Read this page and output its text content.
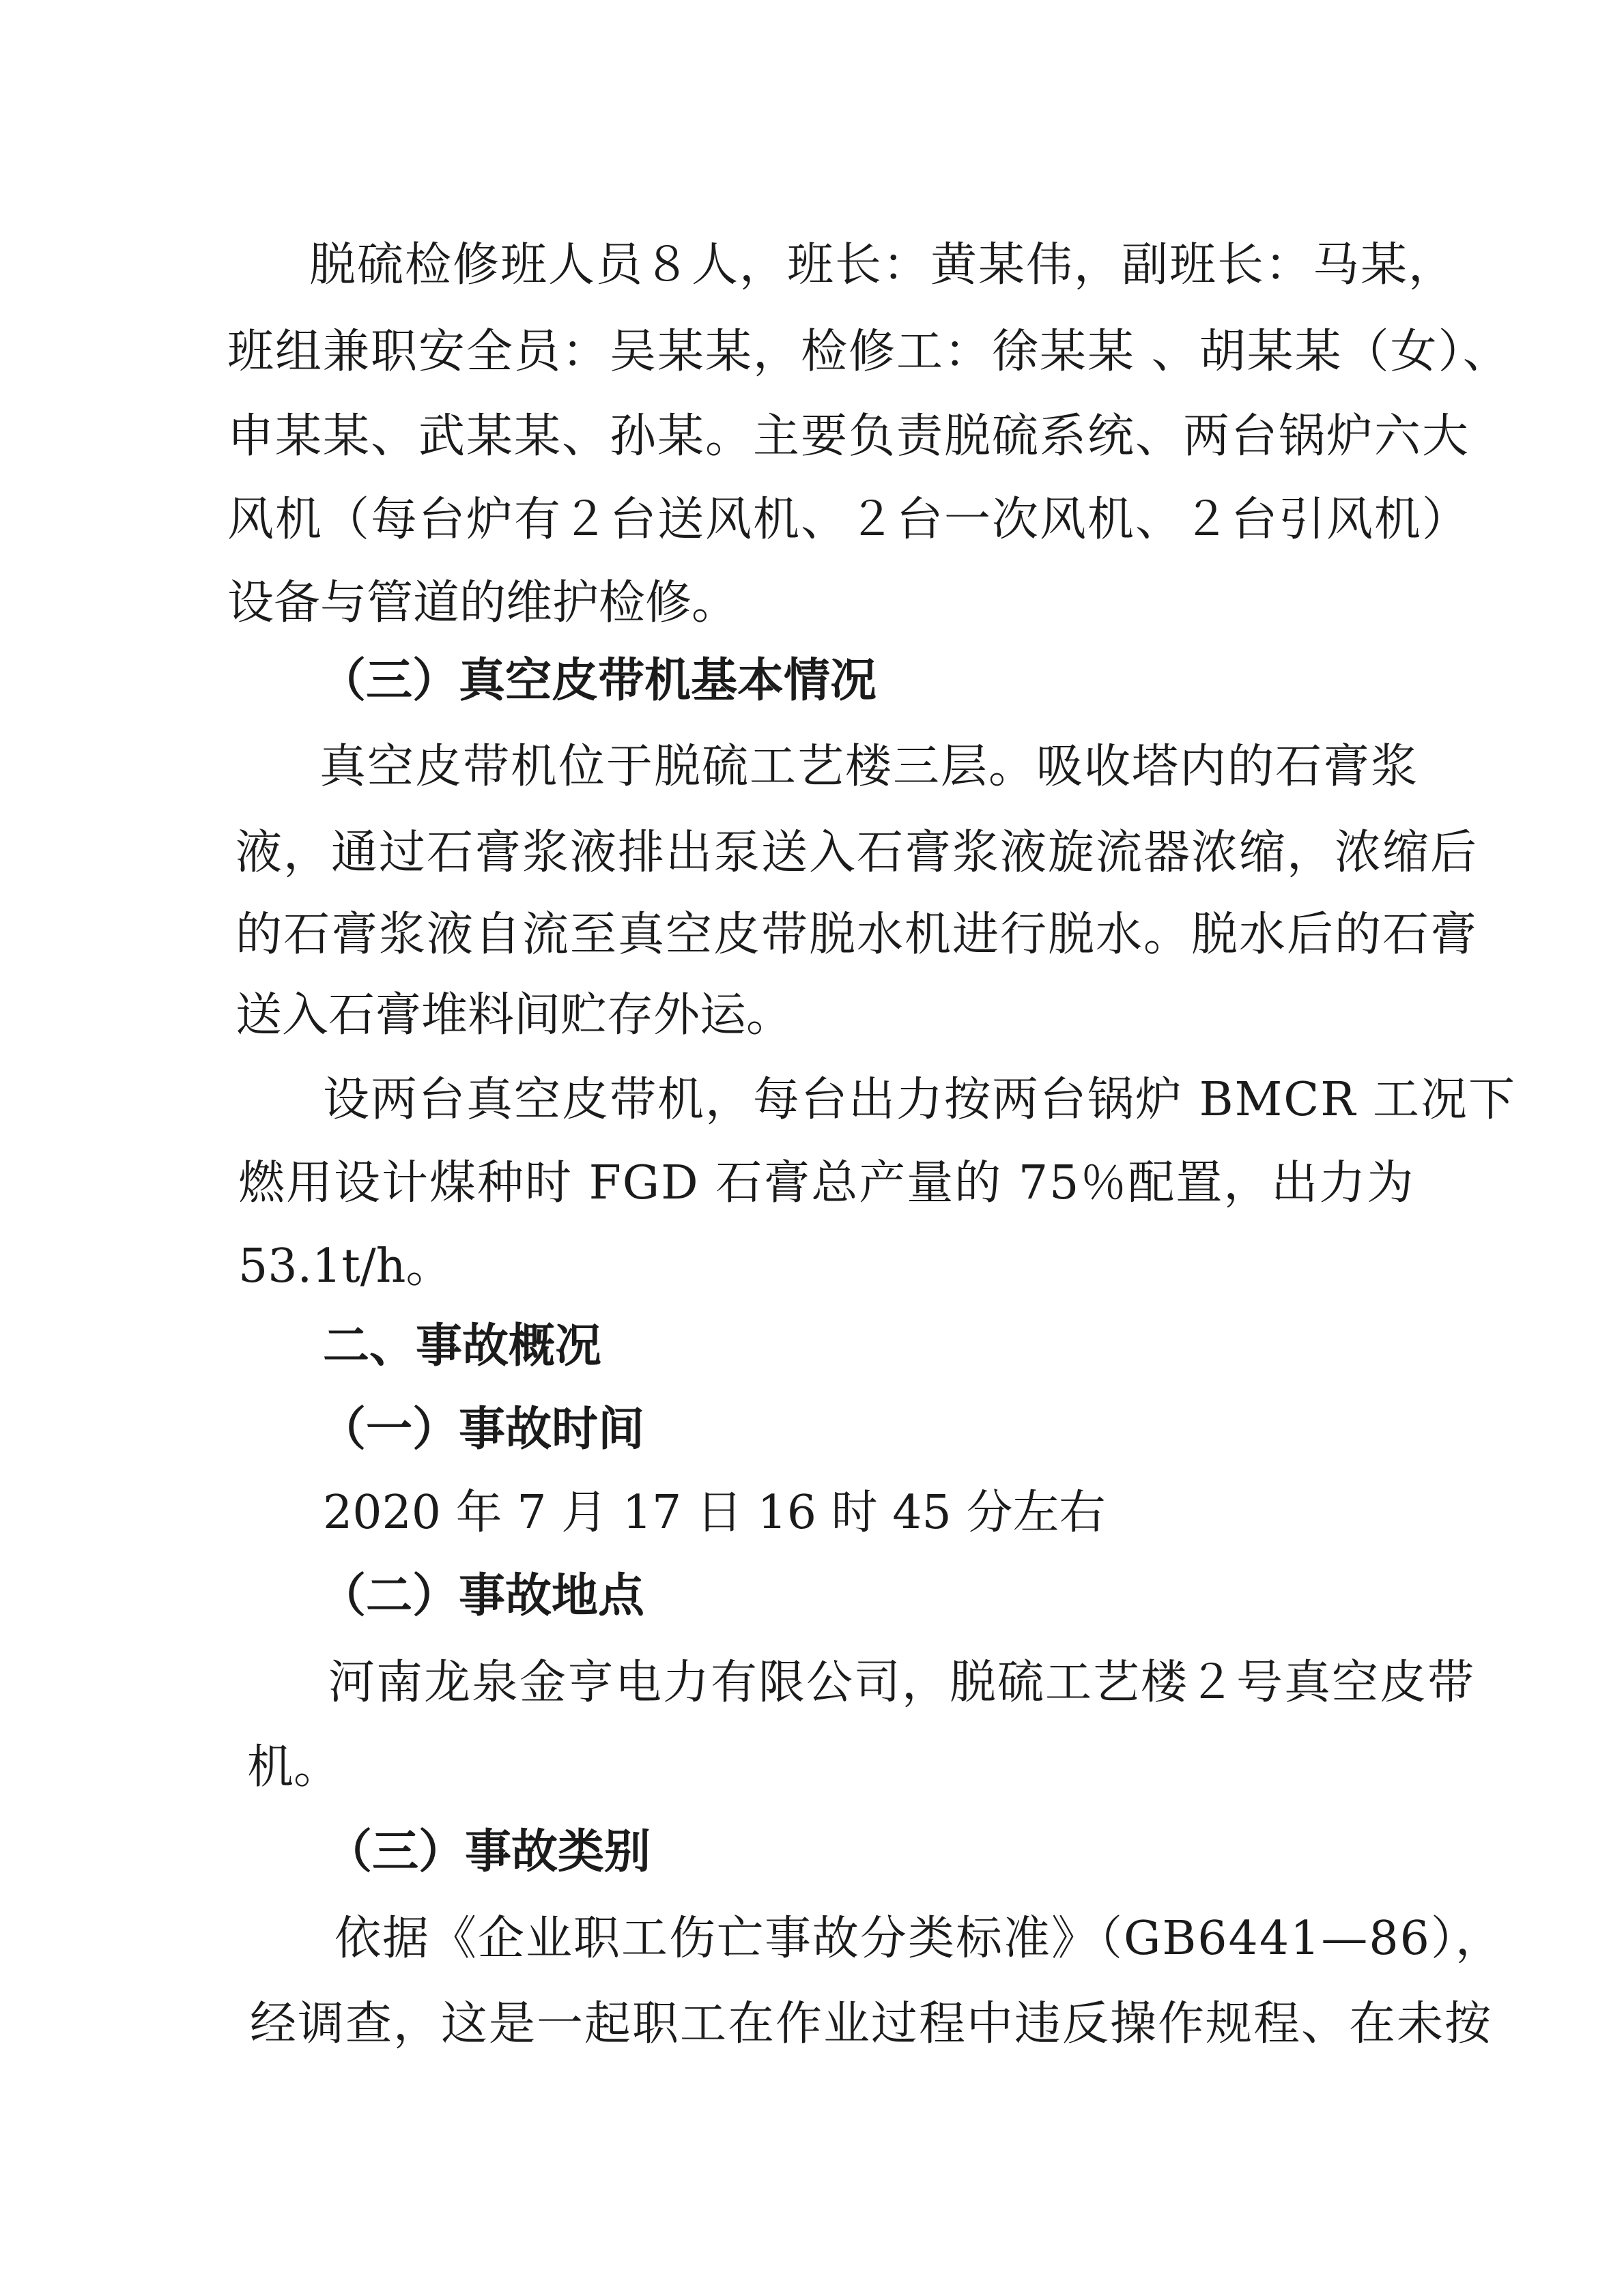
脱硫检修班人员８人，班长：黄某伟，副班长：马某，

班组兼职安全员：吴某某，检修工：徐某某 、胡某某（女）、

申某某、武某某、孙某。主要负责脱硫系统、两台锅炉六大

风机（每台炉有２台送风机、２台一次风机、２台引风机）

设备与管道的维护检修。

（三）真空皮带机基本情况

真空皮带机位于脱硫工艺楼三层。吸收塔内的石膏浆

液，通过石膏浆液排出泵送入石膏浆液旋流器浓缩，浓缩后

的石膏浆液自流至真空皮带脱水机进行脱水。脱水后的石膏

送入石膏堆料间贮存外运。

设两台真空皮带机，每台出力按两台锅炉 BMCR 工况下

燃用设计煤种时 FGD 石膏总产量的 75％配置，出力为

53.1t/h。

二、事故概况

（一）事故时间

2020 年 7 月 17 日 16 时 45 分左右

（二）事故地点

河南龙泉金亨电力有限公司，脱硫工艺楼２号真空皮带

机。

（三）事故类别

依据《企业职工伤亡事故分类标准》（GB6441—86），

经调查，这是一起职工在作业过程中违反操作规程、在未按
